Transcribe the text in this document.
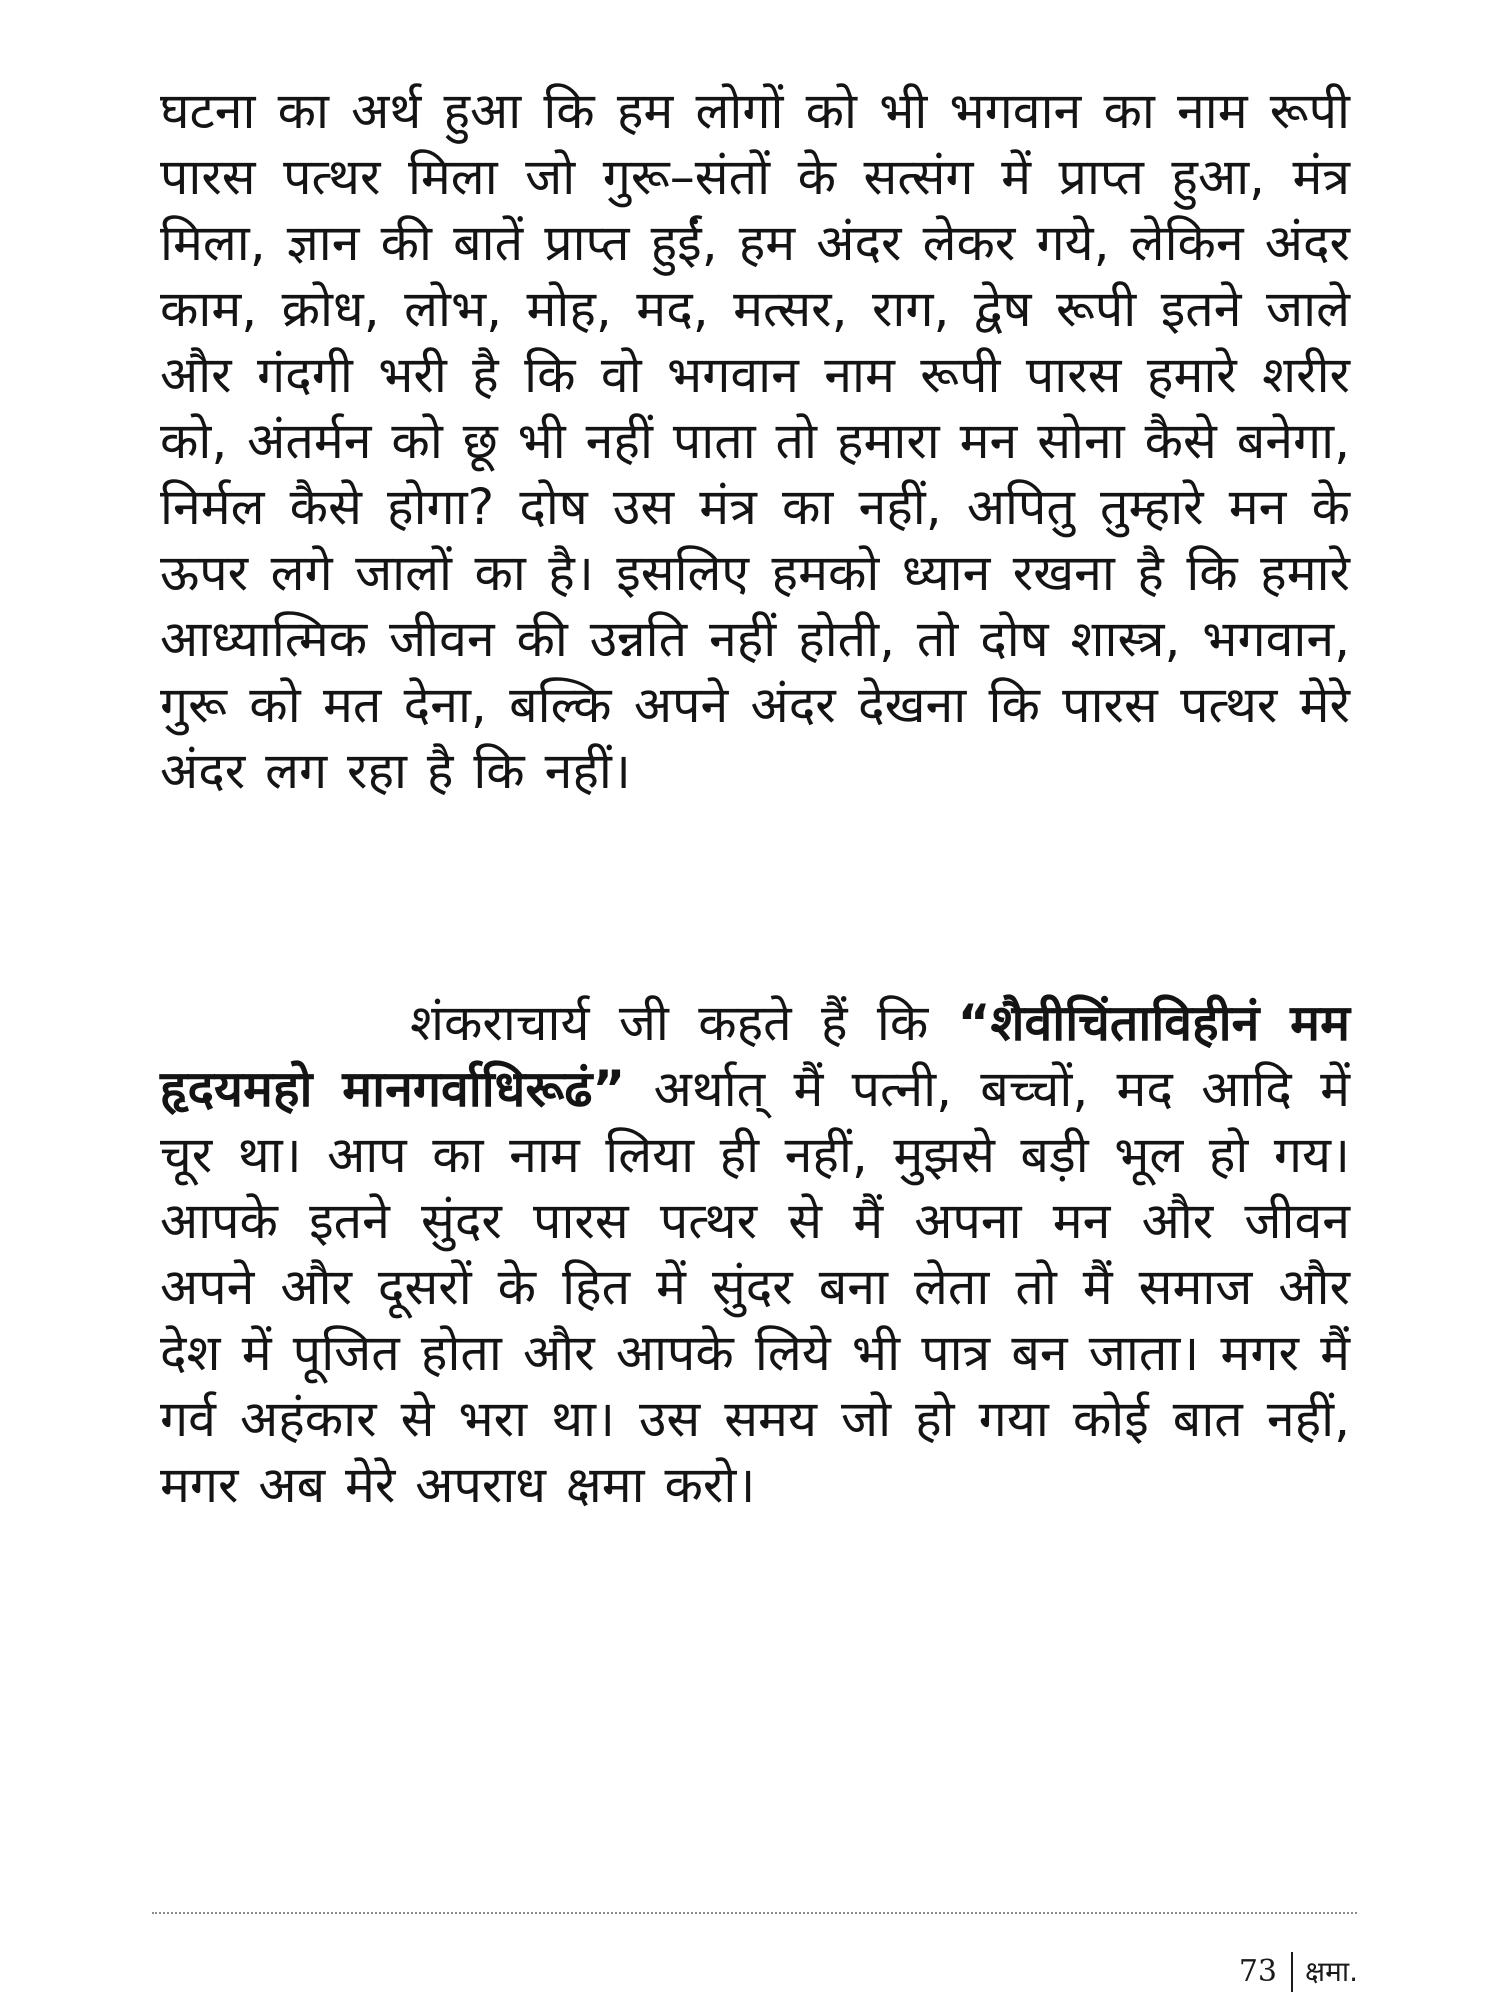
घटना का अर्थ हुआ कि हम लोगों को भी भगवान का नाम रूपी पारस पत्थर मिला जो गुरू–संतों के सत्संग में प्राप्त हुआ, मंत्र मिला, ज्ञान की बातें प्राप्त हुईं, हम अंदर लेकर गये, लेकिन अंदर काम, क्रोध, लोभ, मोह, मद, मत्सर, राग, द्वेष रूपी इतने जाले और गंदगी भरी है कि वो भगवान नाम रूपी पारस हमारे शरीर को, अंतर्मन को छू भी नहीं पाता तो हमारा मन सोना कैसे बनेगा, निर्मल कैसे होगा? दोष उस मंत्र का नहीं, अपितु तुम्हारे मन के ऊपर लगे जालों का है। इसलिए हमको ध्यान रखना है कि हमारे आध्यात्मिक जीवन की उन्नति नहीं होती, तो दोष शास्त्र, भगवान, गुरू को मत देना, बल्कि अपने अंदर देखना कि पारस पत्थर मेरे अंदर लग रहा है कि नहीं।

शंकराचार्य जी कहते हैं कि “शैवीचिंताविहीनं मम हृदयमहो मानगर्वाधिरूढं” अर्थात् मैं पत्नी, बच्चों, मद आदि में चूर था। आप का नाम लिया ही नहीं, मुझसे बड़ी भूल हो गय। आपके इतने सुंदर पारस पत्थर से मैं अपना मन और जीवन अपने और दूसरों के हित में सुंदर बना लेता तो मैं समाज और देश में पूजित होता और आपके लिये भी पात्र बन जाता। मगर मैं गर्व अहंकार से भरा था। उस समय जो हो गया कोई बात नहीं, मगर अब मेरे अपराध क्षमा करो।

73 क्षमा.
